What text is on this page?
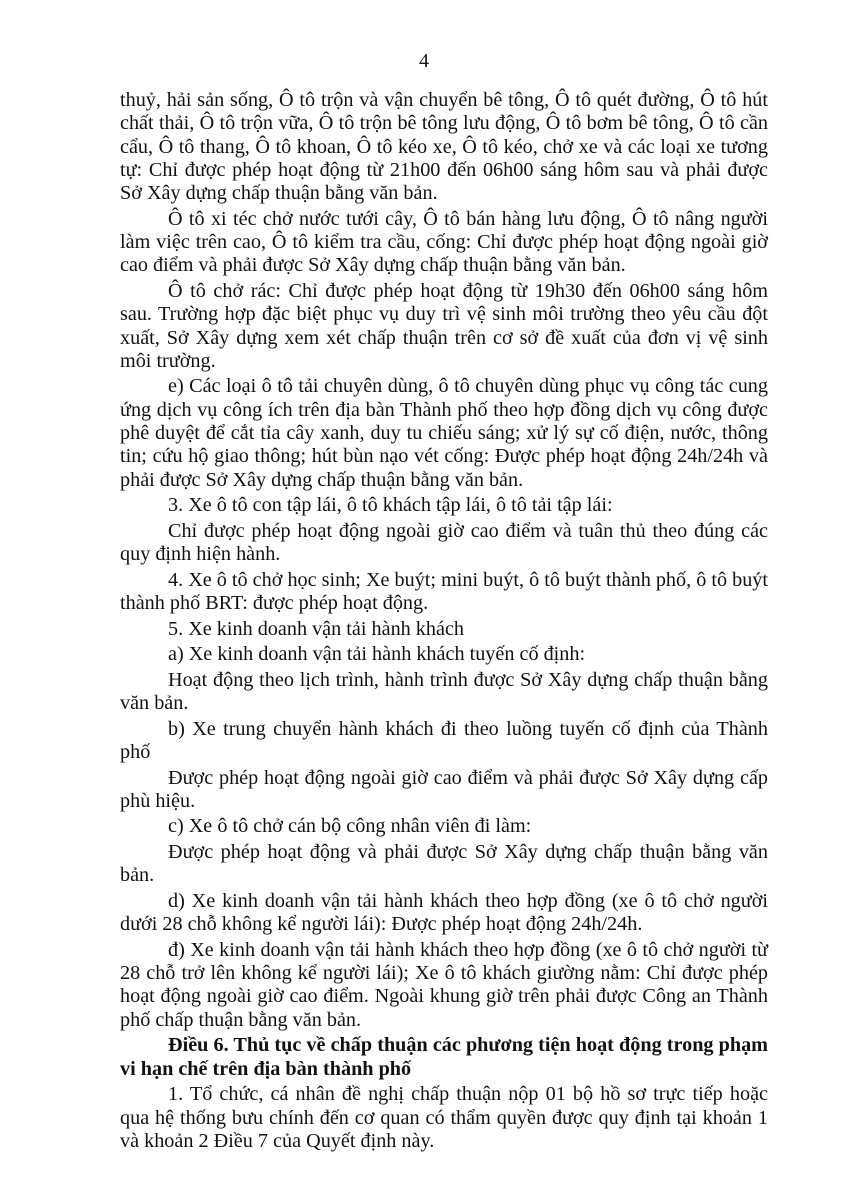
4

thuỷ, hải sản sống, Ô tô trộn và vận chuyển bê tông, Ô tô quét đường, Ô tô hút chất thải, Ô tô trộn vữa, Ô tô trộn bê tông lưu động, Ô tô bơm bê tông, Ô tô cần cẩu, Ô tô thang, Ô tô khoan, Ô tô kéo xe, Ô tô kéo, chở xe và các loại xe tương tự: Chỉ được phép hoạt động từ 21h00 đến 06h00 sáng hôm sau và phải được Sở Xây dựng chấp thuận bằng văn bản.

Ô tô xi téc chở nước tưới cây, Ô tô bán hàng lưu động, Ô tô nâng người làm việc trên cao, Ô tô kiểm tra cầu, cống: Chỉ được phép hoạt động ngoài giờ cao điểm và phải được Sở Xây dựng chấp thuận bằng văn bản.

Ô tô chở rác: Chỉ được phép hoạt động từ 19h30 đến 06h00 sáng hôm sau. Trường hợp đặc biệt phục vụ duy trì vệ sinh môi trường theo yêu cầu đột xuất, Sở Xây dựng xem xét chấp thuận trên cơ sở đề xuất của đơn vị vệ sinh môi trường.

e) Các loại ô tô tải chuyên dùng, ô tô chuyên dùng phục vụ công tác cung ứng dịch vụ công ích trên địa bàn Thành phố theo hợp đồng dịch vụ công được phê duyệt để cắt tỉa cây xanh, duy tu chiếu sáng; xử lý sự cố điện, nước, thông tin; cứu hộ giao thông; hút bùn nạo vét cống: Được phép hoạt động 24h/24h và phải được Sở Xây dựng chấp thuận bằng văn bản.

3. Xe ô tô con tập lái, ô tô khách tập lái, ô tô tải tập lái:

Chỉ được phép hoạt động ngoài giờ cao điểm và tuân thủ theo đúng các quy định hiện hành.

4. Xe ô tô chở học sinh; Xe buýt; mini buýt, ô tô buýt thành phố, ô tô buýt thành phố BRT: được phép hoạt động.

5. Xe kinh doanh vận tải hành khách

a) Xe kinh doanh vận tải hành khách tuyến cố định:

Hoạt động theo lịch trình, hành trình được Sở Xây dựng chấp thuận bằng văn bản.

b) Xe trung chuyển hành khách đi theo luồng tuyến cố định của Thành phố

Được phép hoạt động ngoài giờ cao điểm và phải được Sở Xây dựng cấp phù hiệu.

c) Xe ô tô chở cán bộ công nhân viên đi làm:

Được phép hoạt động và phải được Sở Xây dựng chấp thuận bằng văn bản.

d) Xe kinh doanh vận tải hành khách theo hợp đồng (xe ô tô chở người dưới 28 chỗ không kể người lái): Được phép hoạt động 24h/24h.

đ) Xe kinh doanh vận tải hành khách theo hợp đồng (xe ô tô chở người từ 28 chỗ trở lên không kể người lái); Xe ô tô khách giường nằm: Chỉ được phép hoạt động ngoài giờ cao điểm. Ngoài khung giờ trên phải được Công an Thành phố chấp thuận bằng văn bản.

Điều 6. Thủ tục về chấp thuận các phương tiện hoạt động trong phạm vi hạn chế trên địa bàn thành phố

1. Tổ chức, cá nhân đề nghị chấp thuận nộp 01 bộ hồ sơ trực tiếp hoặc qua hệ thống bưu chính đến cơ quan có thẩm quyền được quy định tại khoản 1 và khoản 2 Điều 7 của Quyết định này.
